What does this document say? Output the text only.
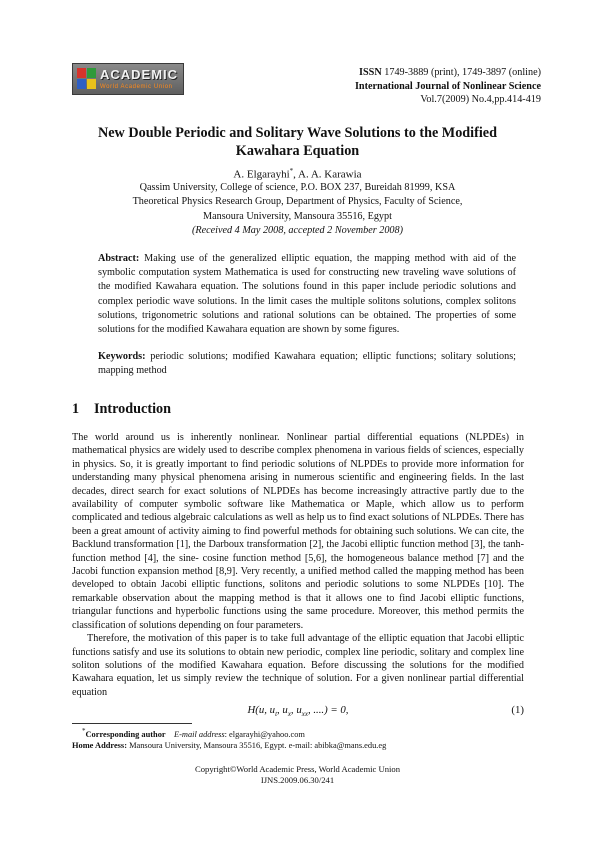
ACADEMIC
World Academic Union
ISSN 1749-3889 (print), 1749-3897 (online)
International Journal of Nonlinear Science
Vol.7(2009) No.4,pp.414-419
New Double Periodic and Solitary Wave Solutions to the Modified
Kawahara Equation
A. Elgarayhi*, A. A. Karawia
Qassim University, College of science, P.O. BOX 237, Bureidah 81999, KSA
Theoretical Physics Research Group, Department of Physics, Faculty of Science,
Mansoura University, Mansoura 35516, Egypt
(Received 4 May 2008, accepted 2 November 2008)
Abstract: Making use of the generalized elliptic equation, the mapping method with aid of the symbolic computation system Mathematica is used for constructing new traveling wave solutions of the modified Kawahara equation. The solutions found in this paper include periodic solutions and complex periodic wave solutions. In the limit cases the multiple solitons solutions, complex solitons solutions, trigonometric solutions and rational solutions can be obtained. The properties of some solutions for the modified Kawahara equation are shown by some figures.
Keywords: periodic solutions; modified Kawahara equation; elliptic functions; solitary solutions; mapping method
1 Introduction

The world around us is inherently nonlinear. Nonlinear partial differential equations (NLPDEs) in mathematical physics are widely used to describe complex phenomena in various fields of sciences, especially in physics. So, it is greatly important to find periodic solutions of NLPDEs to provide more information for understanding many physical phenomena arising in numerous scientific and engineering fields. In the last decades, direct search for exact solutions of NLPDEs has become increasingly attractive partly due to the availability of computer symbolic software like Mathematica or Maple, which allow us to perform complicated and tedious algebraic calculations as well as help us to find exact solutions of NLPDEs. There has been a great amount of activity aiming to find powerful methods for obtaining such solutions. We can cite, the Backlund transformation [1], the Darboux transformation [2], the Jacobi elliptic function method [3], the tanh- function method [4], the sine- cosine function method [5,6], the homogeneous balance method [7] and the Jacobi function expansion method [8,9]. Very recently, a unified method called the mapping method has been developed to obtain Jacobi elliptic functions, solitons and periodic solutions to some NLPDEs [10]. The remarkable observation about the mapping method is that it allows one to find Jacobi elliptic functions, triangular functions and hyperbolic functions using the same procedure. Moreover, this method permits the classification of solutions depending on four parameters.

Therefore, the motivation of this paper is to take full advantage of the elliptic equation that Jacobi elliptic functions satisfy and use its solutions to obtain new periodic, complex line periodic, solitary and complex line soliton solutions of the modified Kawahara equation. Before discussing the solutions for the modified Kawahara equation, let us simply review the technique of solution. For a given nonlinear partial differential equation

H(u, $u_t$, $u_x$, $u_{xx}$, ....) = 0,	(1)
*Corresponding author E-mail address: elgarayhi@yahoo.com
Home Address: Mansoura University, Mansoura 35516, Egypt. e-mail: abibka@mans.edu.eg
Copyright©World Academic Press, World Academic Union
IJNS.2009.06.30/241
